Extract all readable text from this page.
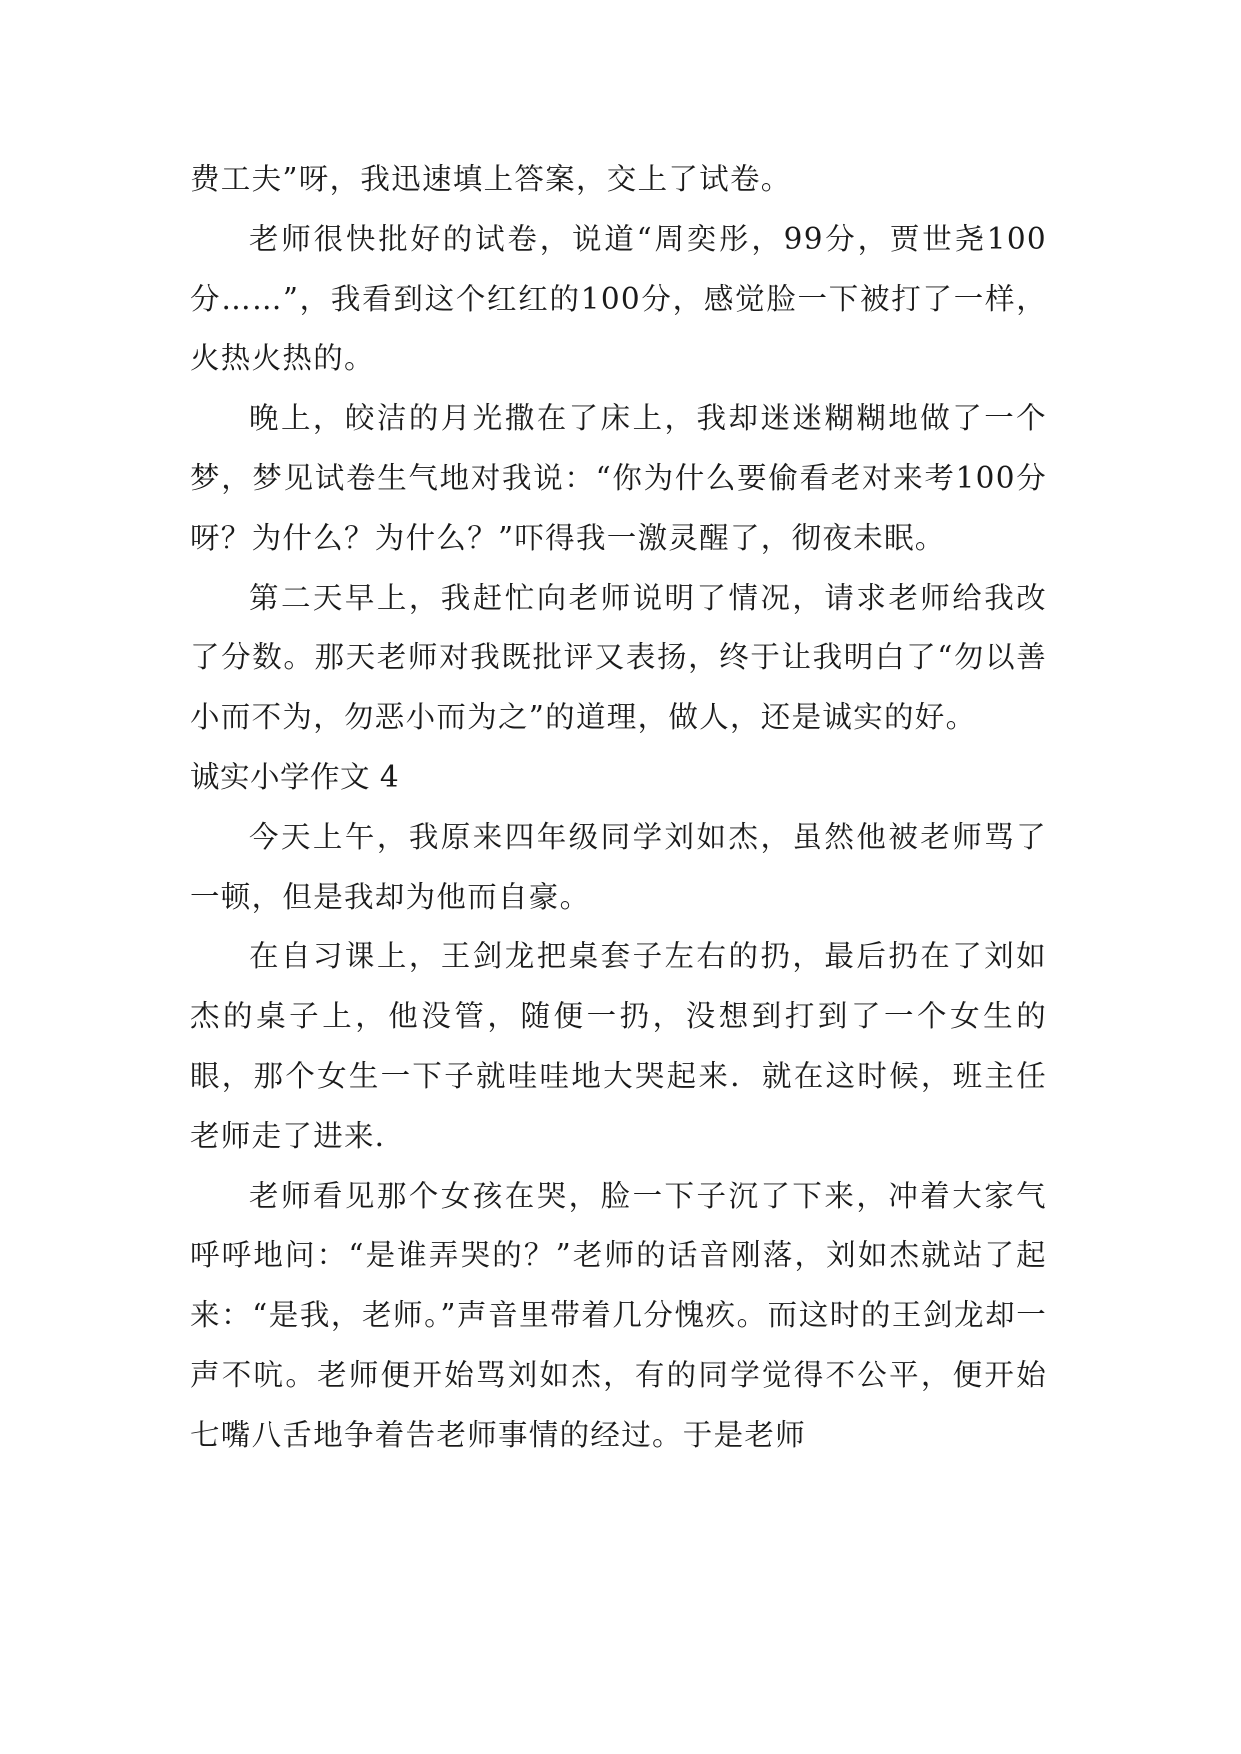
费工夫”呀，我迅速填上答案，交上了试卷。

老师很快批好的试卷，说道“周奕彤，99分，贾世尧100分……”，我看到这个红红的100分，感觉脸一下被打了一样，火热火热的。

晚上，皎洁的月光撒在了床上，我却迷迷糊糊地做了一个梦，梦见试卷生气地对我说：“你为什么要偷看老对来考100分呀？为什么？为什么？”吓得我一激灵醒了，彻夜未眠。

第二天早上，我赶忙向老师说明了情况，请求老师给我改了分数。那天老师对我既批评又表扬，终于让我明白了“勿以善小而不为，勿恶小而为之”的道理，做人，还是诚实的好。

诚实小学作文 4

今天上午，我原来四年级同学刘如杰，虽然他被老师骂了一顿，但是我却为他而自豪。

在自习课上，王剑龙把桌套子左右的扔，最后扔在了刘如杰的桌子上，他没管，随便一扔，没想到打到了一个女生的眼，那个女生一下子就哇哇地大哭起来．就在这时候，班主任老师走了进来．

老师看见那个女孩在哭，脸一下子沉了下来，冲着大家气呼呼地问：“是谁弄哭的？”老师的话音刚落，刘如杰就站了起来：“是我，老师。”声音里带着几分愧疚。而这时的王剑龙却一声不吭。老师便开始骂刘如杰，有的同学觉得不公平，便开始七嘴八舌地争着告老师事情的经过。于是老师
